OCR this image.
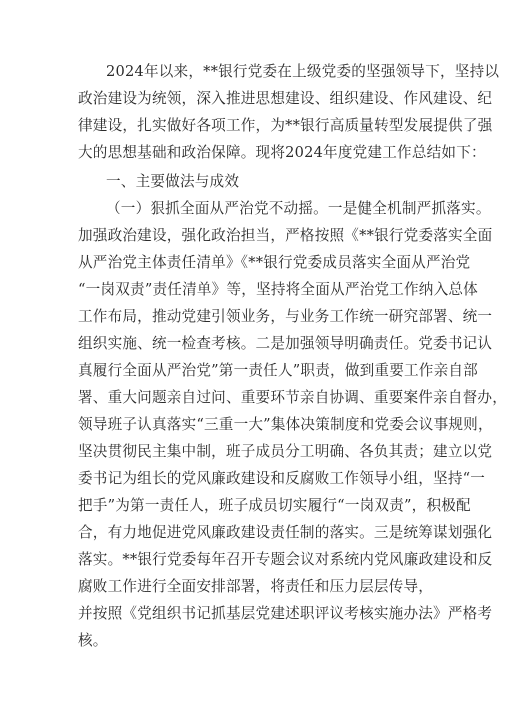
2024年以来，**银行党委在上级党委的坚强领导下，坚持以
政治建设为统领，深入推进思想建设、组织建设、作风建设、纪
律建设，扎实做好各项工作，为**银行高质量转型发展提供了强
大的思想基础和政治保障。现将2024年度党建工作总结如下：
一、主要做法与成效
（一）狠抓全面从严治党不动摇。一是健全机制严抓落实。
加强政治建设，强化政治担当，严格按照《**银行党委落实全面
从严治党主体责任清单》《**银行党委成员落实全面从严治党
“一岗双责”责任清单》等，坚持将全面从严治党工作纳入总体
工作布局，推动党建引领业务，与业务工作统一研究部署、统一
组织实施、统一检查考核。二是加强领导明确责任。党委书记认
真履行全面从严治党”第一责任人”职责，做到重要工作亲自部
署、重大问题亲自过问、重要环节亲自协调、重要案件亲自督办，
领导班子认真落实“三重一大”集体决策制度和党委会议事规则，
坚决贯彻民主集中制，班子成员分工明确、各负其责；建立以党
委书记为组长的党风廉政建设和反腐败工作领导小组，坚持“一
把手”为第一责任人，班子成员切实履行“一岗双责”，积极配
合，有力地促进党风廉政建设责任制的落实。三是统筹谋划强化
落实。**银行党委每年召开专题会议对系统内党风廉政建设和反
腐败工作进行全面安排部署，将责任和压力层层传导，
并按照《党组织书记抓基层党建述职评议考核实施办法》严格考
核。
